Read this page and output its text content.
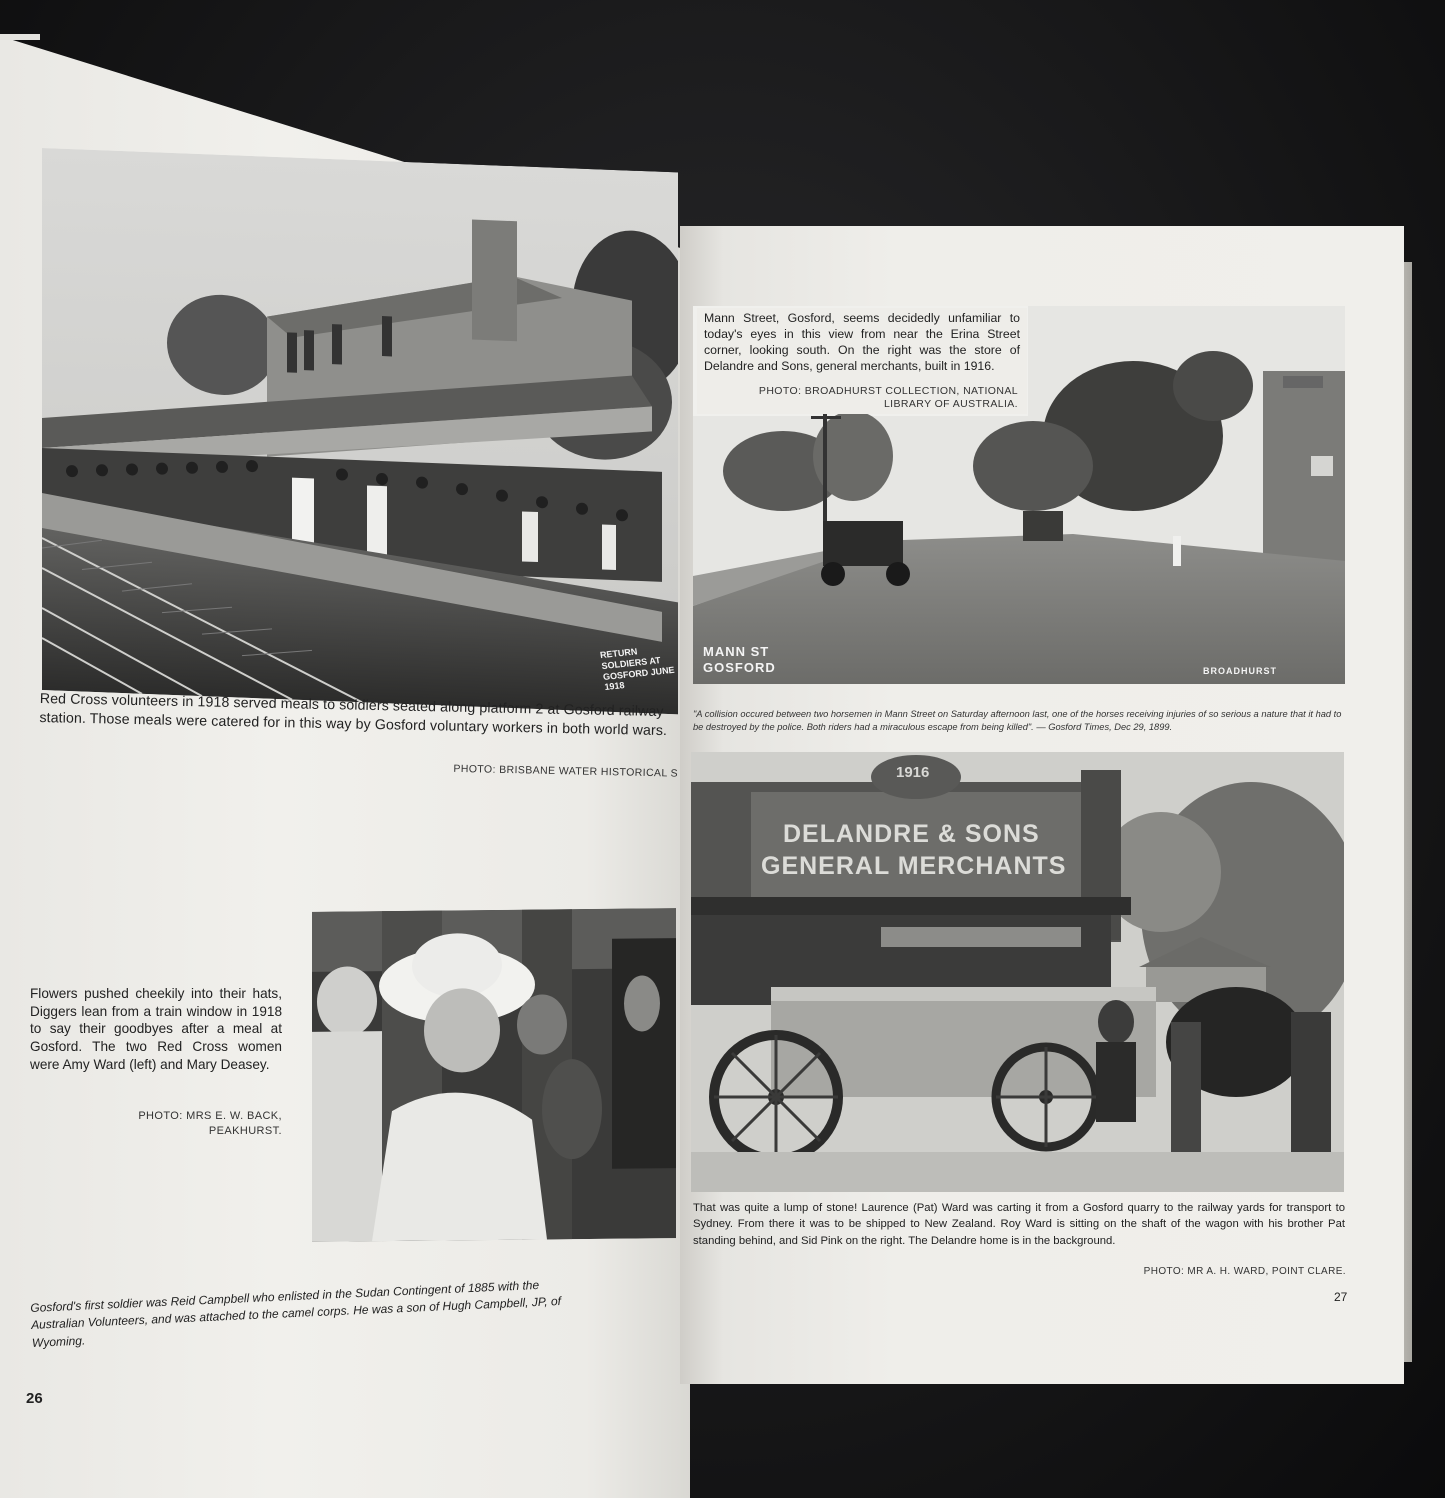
RETURN SOLDIERS AT GOSFORD JUNE 1918
Red Cross volunteers in 1918 served meals to soldiers seated along platform 2 at Gosford railway station. Those meals were catered for in this way by Gosford voluntary workers in both world wars.
PHOTO: BRISBANE WATER HISTORICAL S
Flowers pushed cheekily into their hats, Diggers lean from a train window in 1918 to say their goodbyes after a meal at Gosford. The two Red Cross women were Amy Ward (left) and Mary Deasey.
PHOTO: MRS E. W. BACK,
PEAKHURST.
Gosford's first soldier was Reid Campbell who enlisted in the Sudan Contingent of 1885 with the Australian Volunteers, and was attached to the camel corps. He was a son of Hugh Campbell, JP, of Wyoming.
26
MANN ST
GOSFORD	BROADHURST
Mann Street, Gosford, seems decidedly unfamiliar to today's eyes in this view from near the Erina Street corner, looking south. On the right was the store of Delandre and Sons, general merchants, built in 1916.
PHOTO: BROADHURST COLLECTION, NATIONAL
LIBRARY OF AUSTRALIA.
"A collision occured between two horsemen in Mann Street on Saturday afternoon last, one of the horses receiving injuries of so serious a nature that it had to be destroyed by the police. Both riders had a miraculous escape from being killed". — Gosford Times, Dec 29, 1899.
1916
DELANDRE & SONS
GENERAL MERCHANTS
That was quite a lump of stone! Laurence (Pat) Ward was carting it from a Gosford quarry to the railway yards for transport to Sydney. From there it was to be shipped to New Zealand. Roy Ward is sitting on the shaft of the wagon with his brother Pat standing behind, and Sid Pink on the right. The Delandre home is in the background.
PHOTO: MR A. H. WARD, POINT CLARE.
27
